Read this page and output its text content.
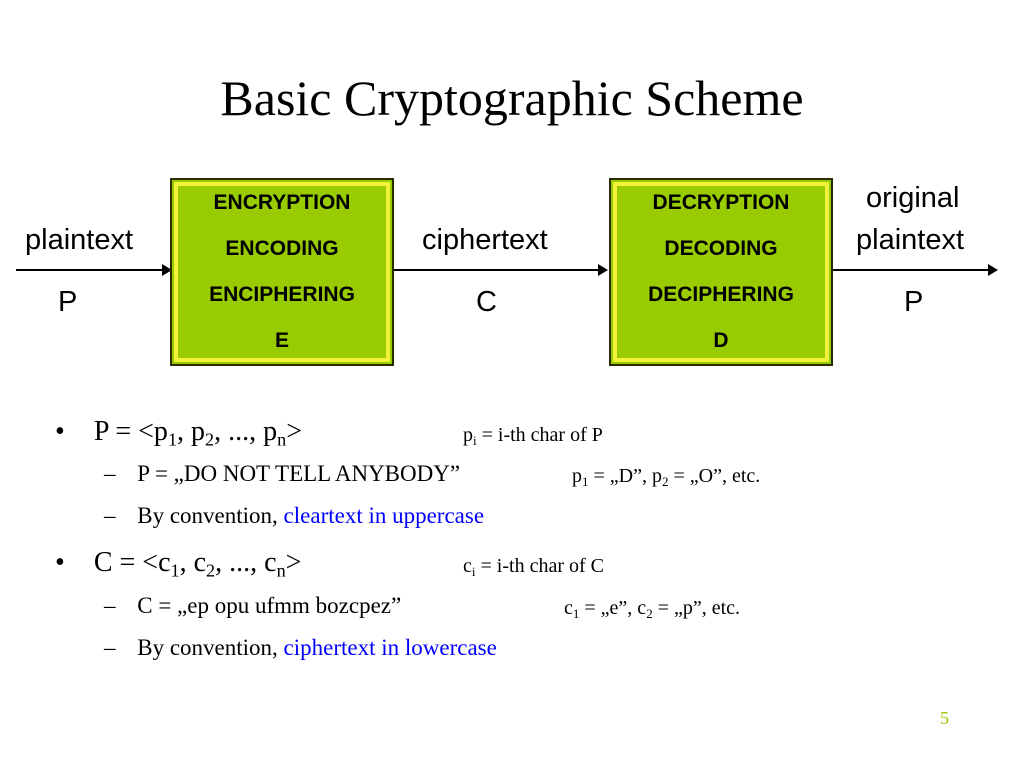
Basic Cryptographic Scheme
plaintext
P
ENCRYPTION
ENCODING
ENCIPHERING
E
ciphertext
C
DECRYPTION
DECODING
DECIPHERING
D
original
plaintext
P
• $P = <p_1$, $p_2$, ..., $p_n>$	$p_i = i-th$ char of P
– P = „DO NOT TELL ANYBODY”	$p_1$ = „D”, $p_2$ = „O”, etc.
– By convention, cleartext in uppercase
• $C = <c_1$, $c_2$, ..., $c_n>$	$c_i = i-th$ char of C
– C = „ep opu ufmm bozcpez”	$c_1$ = „e”, $c_2$ = „p”, etc.
– By convention, ciphertext in lowercase
5
